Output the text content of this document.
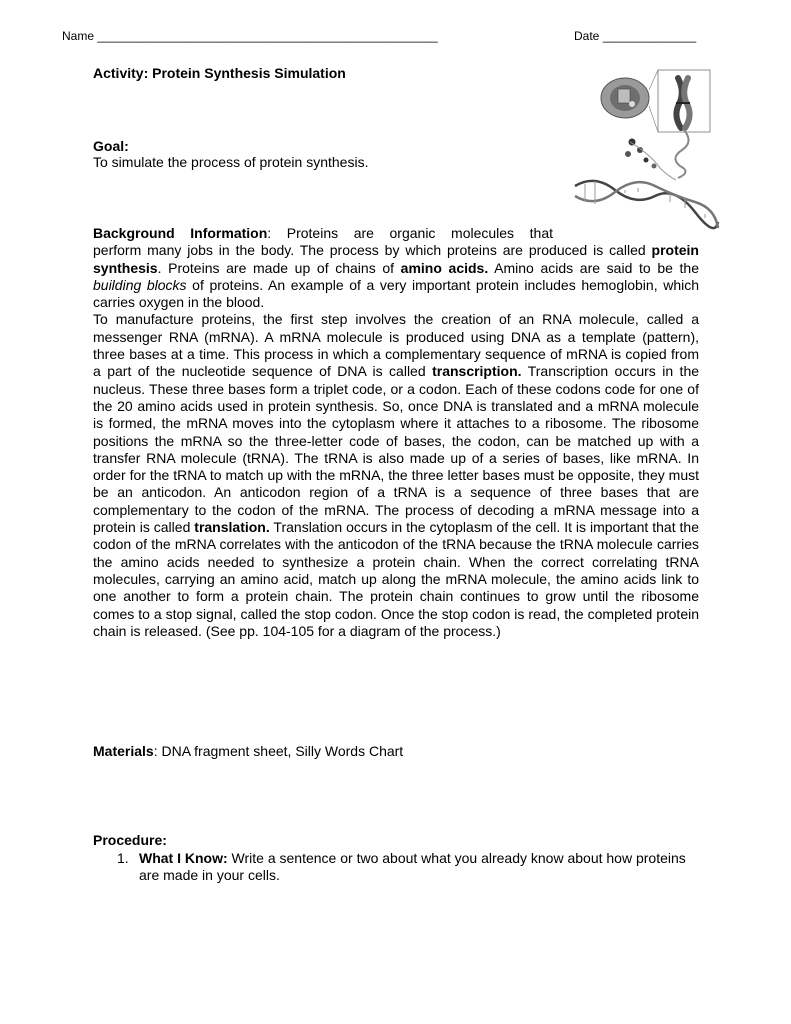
Name ___________________________________________________	Date ______________
Activity: Protein Synthesis Simulation
Goal:
To simulate the process of protein synthesis.
Background Information: Proteins are organic molecules that
perform many jobs in the body. The process by which proteins are produced is called protein synthesis. Proteins are made up of chains of amino acids. Amino acids are said to be the building blocks of proteins. An example of a very important protein includes hemoglobin, which carries oxygen in the blood.

To manufacture proteins, the first step involves the creation of an RNA molecule, called a messenger RNA (mRNA). A mRNA molecule is produced using DNA as a template (pattern), three bases at a time. This process in which a complementary sequence of mRNA is copied from a part of the nucleotide sequence of DNA is called transcription. Transcription occurs in the nucleus. These three bases form a triplet code, or a codon. Each of these codons code for one of the 20 amino acids used in protein synthesis. So, once DNA is translated and a mRNA molecule is formed, the mRNA moves into the cytoplasm where it attaches to a ribosome. The ribosome positions the mRNA so the three-letter code of bases, the codon, can be matched up with a transfer RNA molecule (tRNA). The tRNA is also made up of a series of bases, like mRNA. In order for the tRNA to match up with the mRNA, the three letter bases must be opposite, they must be an anticodon. An anticodon region of a tRNA is a sequence of three bases that are complementary to the codon of the mRNA. The process of decoding a mRNA message into a protein is called translation. Translation occurs in the cytoplasm of the cell. It is important that the codon of the mRNA correlates with the anticodon of the tRNA because the tRNA molecule carries the amino acids needed to synthesize a protein chain. When the correct correlating tRNA molecules, carrying an amino acid, match up along the mRNA molecule, the amino acids link to one another to form a protein chain. The protein chain continues to grow until the ribosome comes to a stop signal, called the stop codon. Once the stop codon is read, the completed protein chain is released. (See pp. 104-105 for a diagram of the process.)

Materials: DNA fragment sheet, Silly Words Chart
Procedure:
1. What I Know: Write a sentence or two about what you already know about how proteins are made in your cells.
